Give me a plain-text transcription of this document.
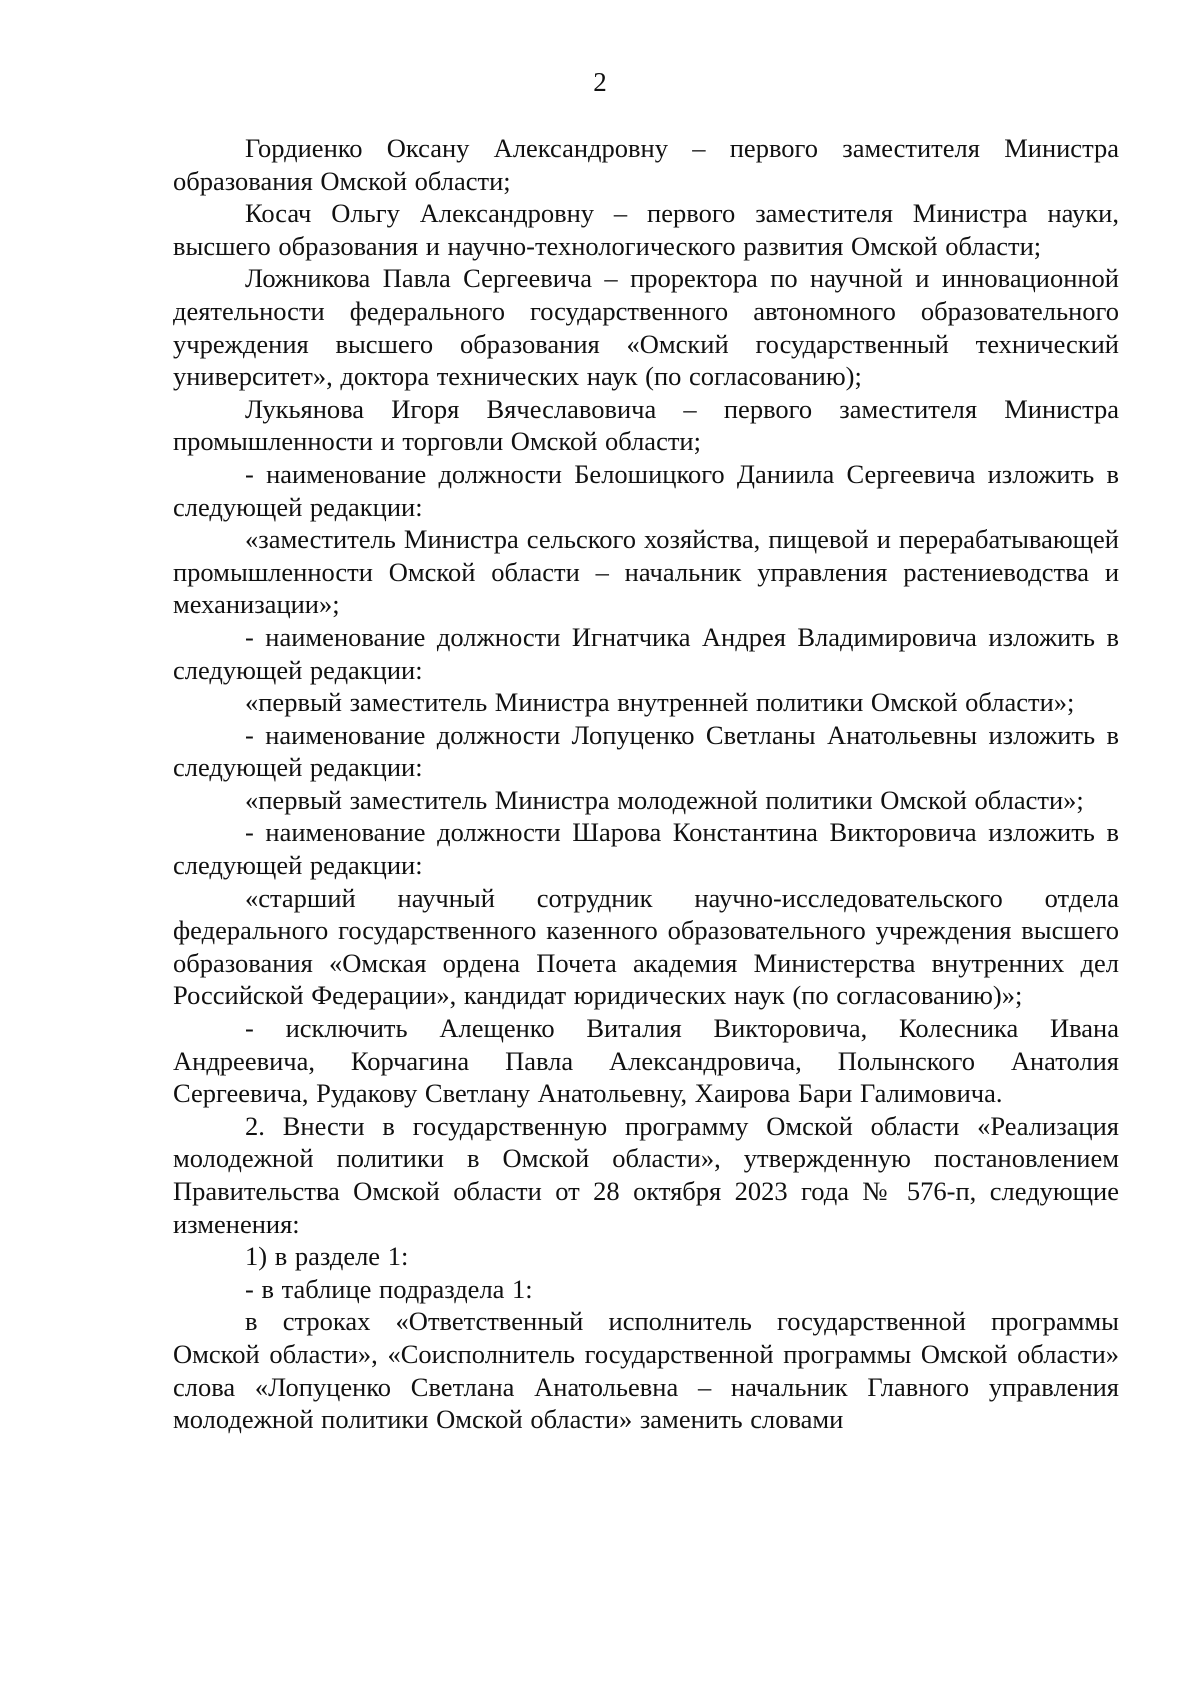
2

Гордиенко Оксану Александровну – первого заместителя Министра образования Омской области;

Косач Ольгу Александровну – первого заместителя Министра науки, высшего образования и научно-технологического развития Омской области;

Ложникова Павла Сергеевича – проректора по научной и инновационной деятельности федерального государственного автономного образовательного учреждения высшего образования «Омский государственный технический университет», доктора технических наук (по согласованию);

Лукьянова Игоря Вячеславовича – первого заместителя Министра промышленности и торговли Омской области;

- наименование должности Белошицкого Даниила Сергеевича изложить в следующей редакции:

«заместитель Министра сельского хозяйства, пищевой и перерабатывающей промышленности Омской области – начальник управления растениеводства и механизации»;

- наименование должности Игнатчика Андрея Владимировича изложить в следующей редакции:

«первый заместитель Министра внутренней политики Омской области»;

- наименование должности Лопуценко Светланы Анатольевны изложить в следующей редакции:

«первый заместитель Министра молодежной политики Омской области»;

- наименование должности Шарова Константина Викторовича изложить в следующей редакции:

«старший научный сотрудник научно-исследовательского отдела федерального государственного казенного образовательного учреждения высшего образования «Омская ордена Почета академия Министерства внутренних дел Российской Федерации», кандидат юридических наук (по согласованию)»;

- исключить Алещенко Виталия Викторовича, Колесника Ивана Андреевича, Корчагина Павла Александровича, Полынского Анатолия Сергеевича, Рудакову Светлану Анатольевну, Хаирова Бари Галимовича.

2. Внести в государственную программу Омской области «Реализация молодежной политики в Омской области», утвержденную постановлением Правительства Омской области от 28 октября 2023 года № 576-п, следующие изменения:

1) в разделе 1:

- в таблице подраздела 1:

в строках «Ответственный исполнитель государственной программы Омской области», «Соисполнитель государственной программы Омской области» слова «Лопуценко Светлана Анатольевна – начальник Главного управления молодежной политики Омской области» заменить словами
